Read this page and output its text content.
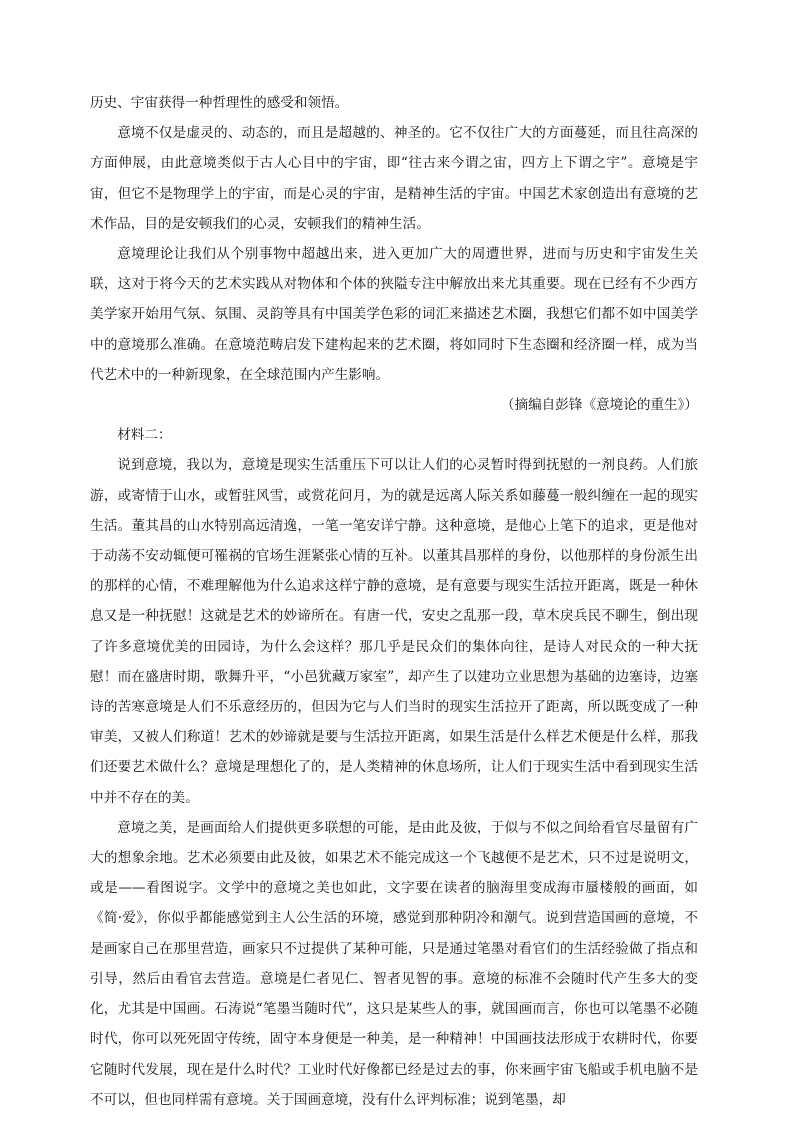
历史、宇宙获得一种哲理性的感受和领悟。

意境不仅是虚灵的、动态的，而且是超越的、神圣的。它不仅往广大的方面蔓延，而且往高深的方面伸展，由此意境类似于古人心目中的宇宙，即“往古来今谓之宙，四方上下谓之宇”。意境是宇宙，但它不是物理学上的宇宙，而是心灵的宇宙，是精神生活的宇宙。中国艺术家创造出有意境的艺术作品，目的是安顿我们的心灵，安顿我们的精神生活。

意境理论让我们从个别事物中超越出来，进入更加广大的周遭世界，进而与历史和宇宙发生关联，这对于将今天的艺术实践从对物体和个体的狭隘专注中解放出来尤其重要。现在已经有不少西方美学家开始用气氛、氛围、灵韵等具有中国美学色彩的词汇来描述艺术圈，我想它们都不如中国美学中的意境那么准确。在意境范畴启发下建构起来的艺术圈，将如同时下生态圈和经济圈一样，成为当代艺术中的一种新现象，在全球范围内产生影响。

（摘编自彭锋《意境论的重生》）

材料二：

说到意境，我以为，意境是现实生活重压下可以让人们的心灵暂时得到抚慰的一剂良药。人们旅游，或寄情于山水，或暂驻风雪，或赏花问月，为的就是远离人际关系如藤蔓一般纠缠在一起的现实生活。董其昌的山水特别高远清逸，一笔一笔安详宁静。这种意境，是他心上笔下的追求，更是他对于动荡不安动辄便可罹祸的官场生涯紧张心情的互补。以董其昌那样的身份，以他那样的身份派生出的那样的心情，不难理解他为什么追求这样宁静的意境，是有意要与现实生活拉开距离，既是一种休息又是一种抚慰！这就是艺术的妙谛所在。有唐一代，安史之乱那一段，草木戾兵民不聊生，倒出现了许多意境优美的田园诗，为什么会这样？那几乎是民众们的集体向往，是诗人对民众的一种大抚慰！而在盛唐时期，歌舞升平，“小邑犹藏万家室”，却产生了以建功立业思想为基础的边塞诗，边塞诗的苦寒意境是人们不乐意经历的，但因为它与人们当时的现实生活拉开了距离，所以既变成了一种审美，又被人们称道！艺术的妙谛就是要与生活拉开距离，如果生活是什么样艺术便是什么样，那我们还要艺术做什么？意境是理想化了的，是人类精神的休息场所，让人们于现实生活中看到现实生活中并不存在的美。

意境之美，是画面给人们提供更多联想的可能，是由此及彼，于似与不似之间给看官尽量留有广大的想象余地。艺术必须要由此及彼，如果艺术不能完成这一个飞越便不是艺术，只不过是说明文，或是——看图说字。文学中的意境之美也如此，文字要在读者的脑海里变成海市蜃楼般的画面，如《简·爱》，你似乎都能感觉到主人公生活的环境，感觉到那种阴冷和潮气。说到营造国画的意境，不是画家自己在那里营造，画家只不过提供了某种可能，只是通过笔墨对看官们的生活经验做了指点和引导，然后由看官去营造。意境是仁者见仁、智者见智的事。意境的标准不会随时代产生多大的变化，尤其是中国画。石涛说“笔墨当随时代”，这只是某些人的事，就国画而言，你也可以笔墨不必随时代，你可以死死固守传统，固守本身便是一种美，是一种精神！中国画技法形成于农耕时代，你要它随时代发展，现在是什么时代？工业时代好像都已经是过去的事，你来画宇宙飞船或手机电脑不是不可以，但也同样需有意境。关于国画意境，没有什么评判标准；说到笔墨，却
